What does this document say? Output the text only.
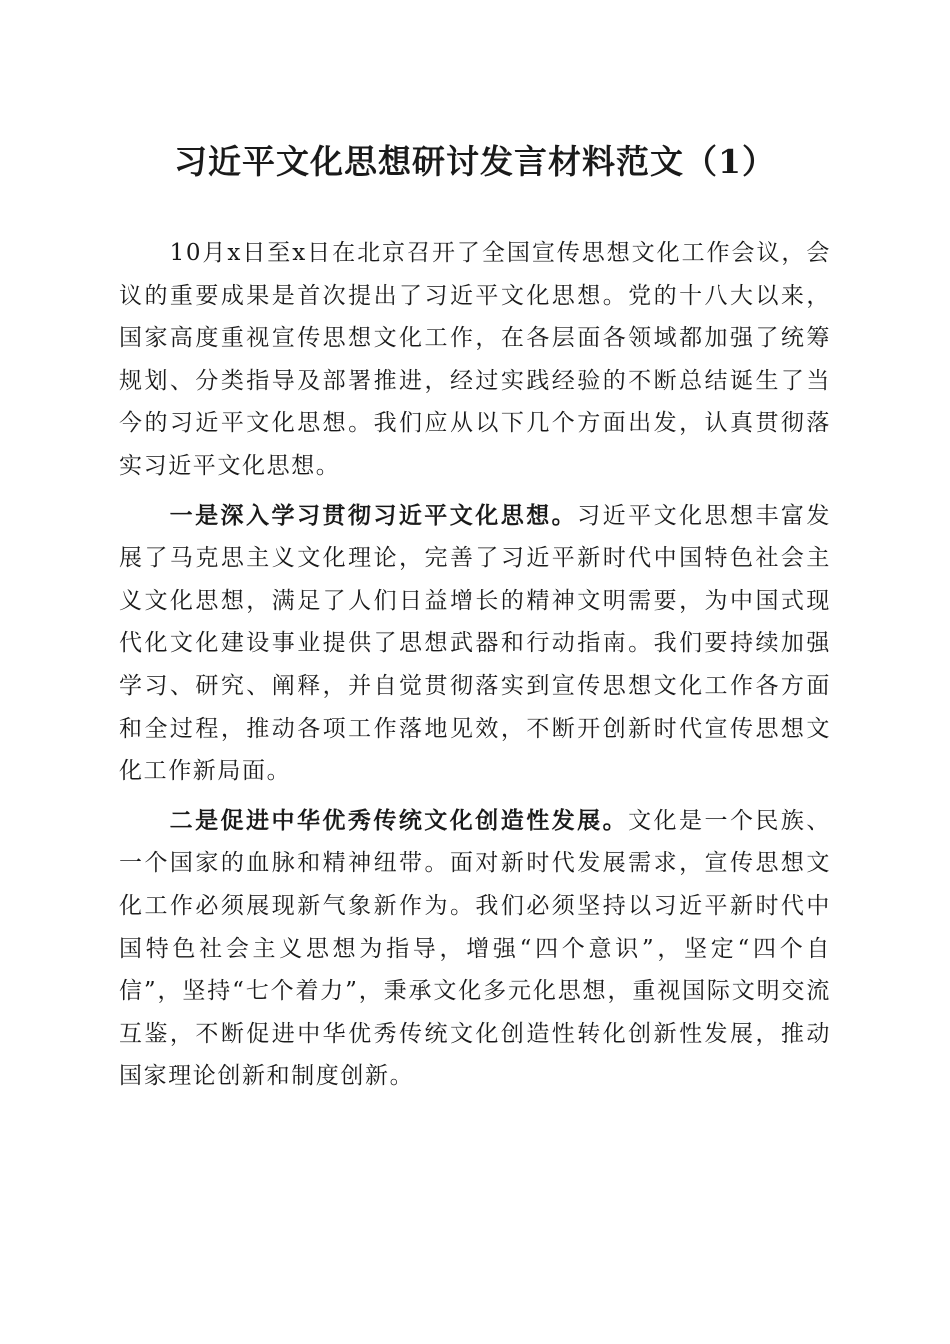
习近平文化思想研讨发言材料范文（1）

10月x日至x日在北京召开了全国宣传思想文化工作会议，会议的重要成果是首次提出了习近平文化思想。党的十八大以来，国家高度重视宣传思想文化工作，在各层面各领域都加强了统筹规划、分类指导及部署推进，经过实践经验的不断总结诞生了当今的习近平文化思想。我们应从以下几个方面出发，认真贯彻落实习近平文化思想。

一是深入学习贯彻习近平文化思想。习近平文化思想丰富发展了马克思主义文化理论，完善了习近平新时代中国特色社会主义文化思想，满足了人们日益增长的精神文明需要，为中国式现代化文化建设事业提供了思想武器和行动指南。我们要持续加强学习、研究、阐释，并自觉贯彻落实到宣传思想文化工作各方面和全过程，推动各项工作落地见效，不断开创新时代宣传思想文化工作新局面。

二是促进中华优秀传统文化创造性发展。文化是一个民族、一个国家的血脉和精神纽带。面对新时代发展需求，宣传思想文化工作必须展现新气象新作为。我们必须坚持以习近平新时代中国特色社会主义思想为指导，增强“四个意识”，坚定“四个自信”，坚持“七个着力”，秉承文化多元化思想，重视国际文明交流互鉴，不断促进中华优秀传统文化创造性转化创新性发展，推动国家理论创新和制度创新。
